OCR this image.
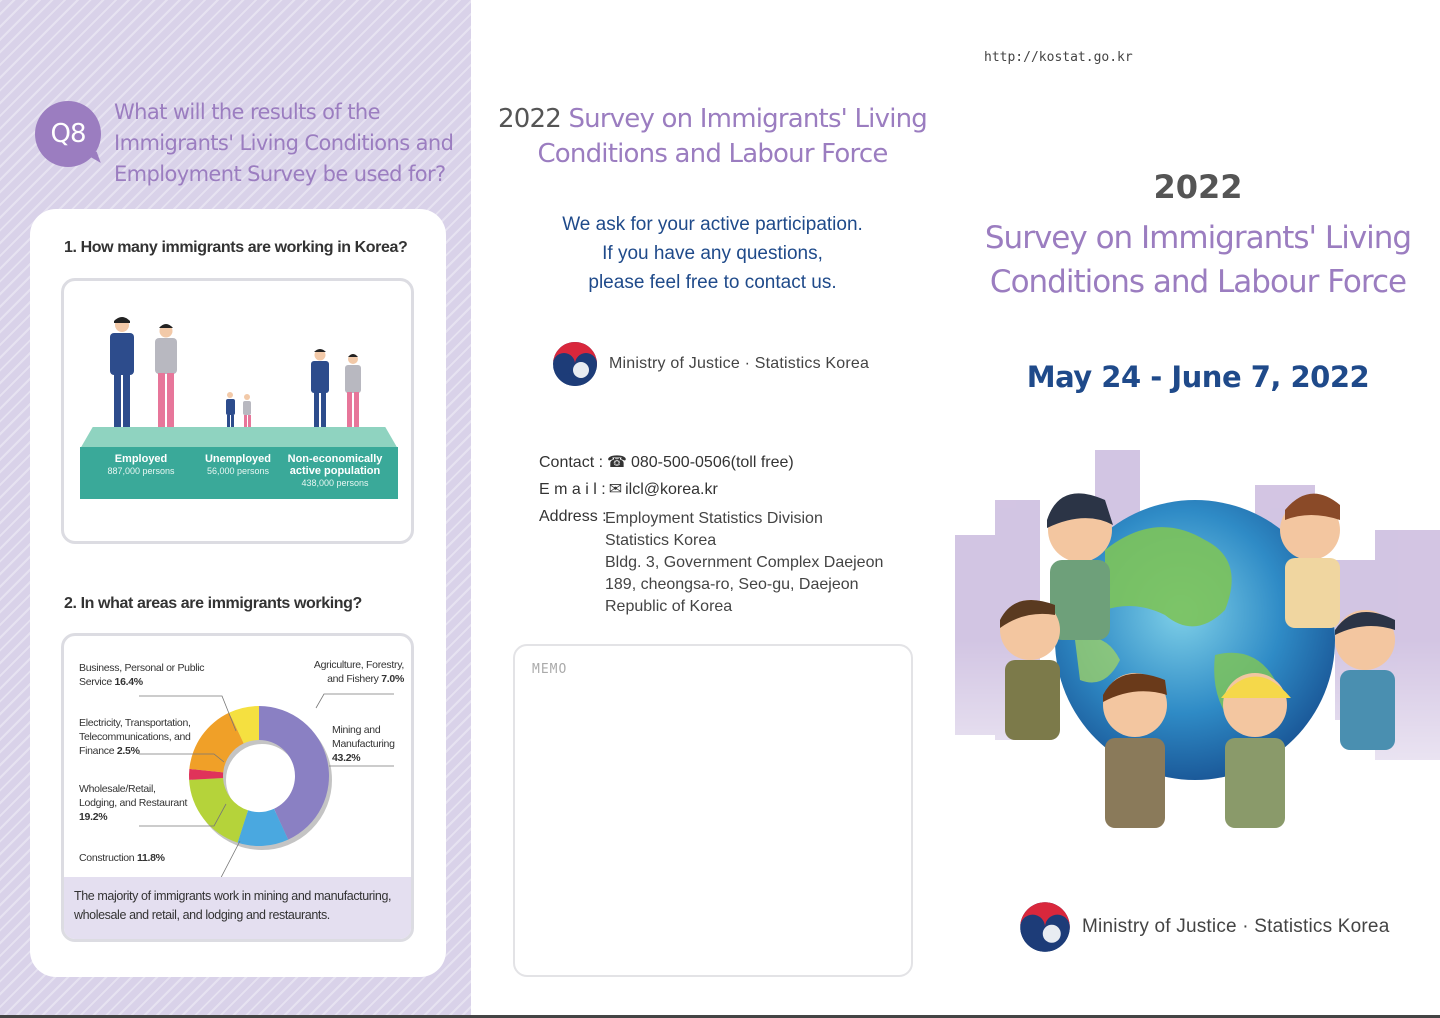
Q8
What will the results of the Immigrants' Living Conditions and Employment Survey be used for?
1. How many immigrants are working in Korea?
Employed
887,000 persons
Unemployed
56,000 persons
Non-economically active population
438,000 persons
2. In what areas are immigrants working?
Business, Personal or Public Service 16.4%
Agriculture, Forestry, and Fishery 7.0%
Electricity, Transportation, Telecommunications, and Finance 2.5%
Mining and Manufacturing 43.2%
Wholesale/Retail, Lodging, and Restaurant 19.2%
Construction 11.8%
The majority of immigrants work in mining and manufacturing, wholesale and retail, and lodging and restaurants.
2022 Survey on Immigrants' Living Conditions and Labour Force
We ask for your active participation.
If you have any questions,
please feel free to contact us.
Ministry of Justice · Statistics Korea
Contact : ☎ 080-500-0506(toll free)
E m a i l : ✉ ilcl@korea.kr
Address :
Employment Statistics Division
Statistics Korea
Bldg. 3, Government Complex Daejeon
189, cheongsa-ro, Seo-gu, Daejeon
Republic of Korea
MEMO
http://kostat.go.kr
2022
Survey on Immigrants' Living Conditions and Labour Force
May 24 - June 7, 2022
Ministry of Justice · Statistics Korea
